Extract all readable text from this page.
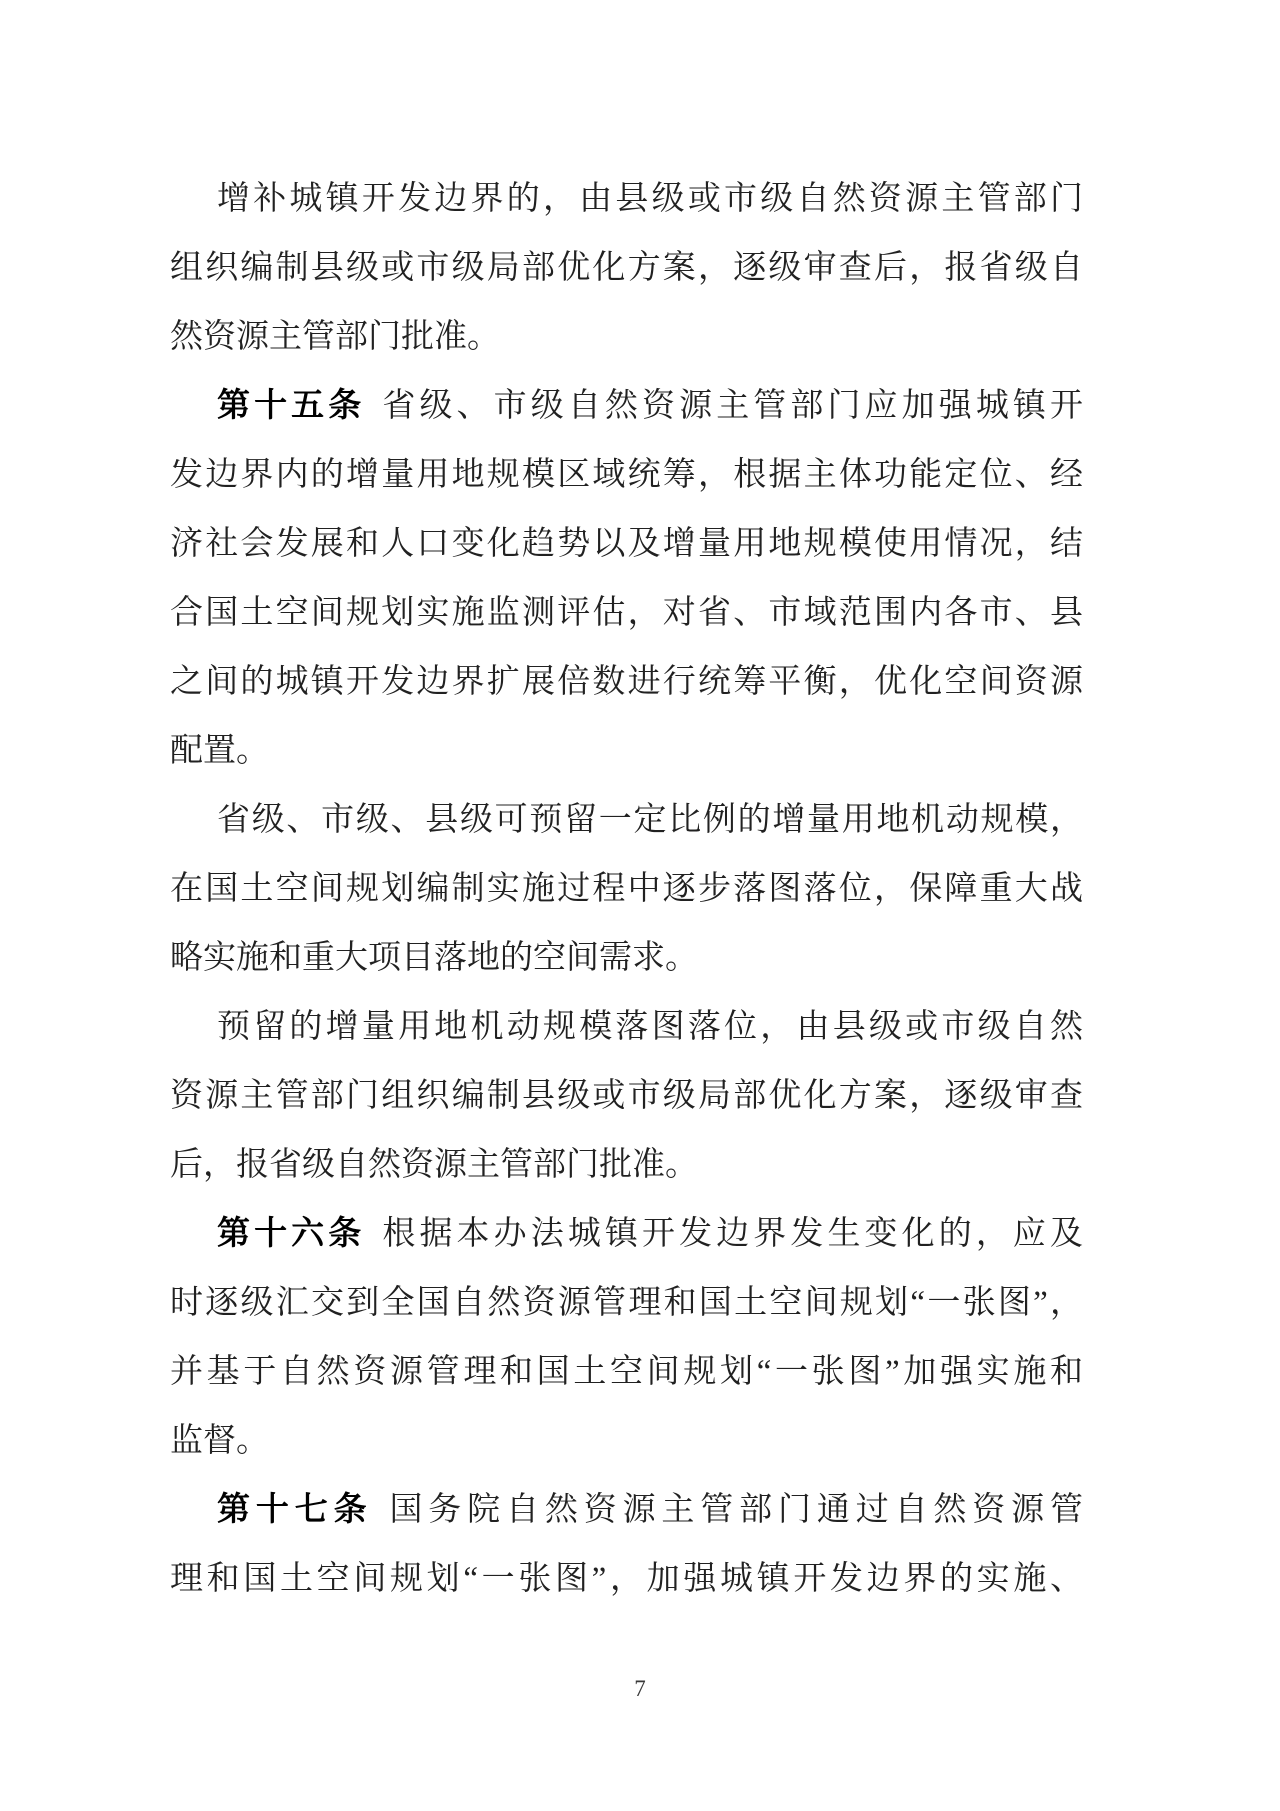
增补城镇开发边界的，由县级或市级自然资源主管部门
组织编制县级或市级局部优化方案，逐级审查后，报省级自
然资源主管部门批准。
第十五条 省级、市级自然资源主管部门应加强城镇开
发边界内的增量用地规模区域统筹，根据主体功能定位、经
济社会发展和人口变化趋势以及增量用地规模使用情况，结
合国土空间规划实施监测评估，对省、市域范围内各市、县
之间的城镇开发边界扩展倍数进行统筹平衡，优化空间资源
配置。
省级、市级、县级可预留一定比例的增量用地机动规模，
在国土空间规划编制实施过程中逐步落图落位，保障重大战
略实施和重大项目落地的空间需求。
预留的增量用地机动规模落图落位，由县级或市级自然
资源主管部门组织编制县级或市级局部优化方案，逐级审查
后，报省级自然资源主管部门批准。
第十六条 根据本办法城镇开发边界发生变化的，应及
时逐级汇交到全国自然资源管理和国土空间规划“一张图”，
并基于自然资源管理和国土空间规划“一张图”加强实施和
监督。
第十七条 国务院自然资源主管部门通过自然资源管
理和国土空间规划“一张图”，加强城镇开发边界的实施、
7
